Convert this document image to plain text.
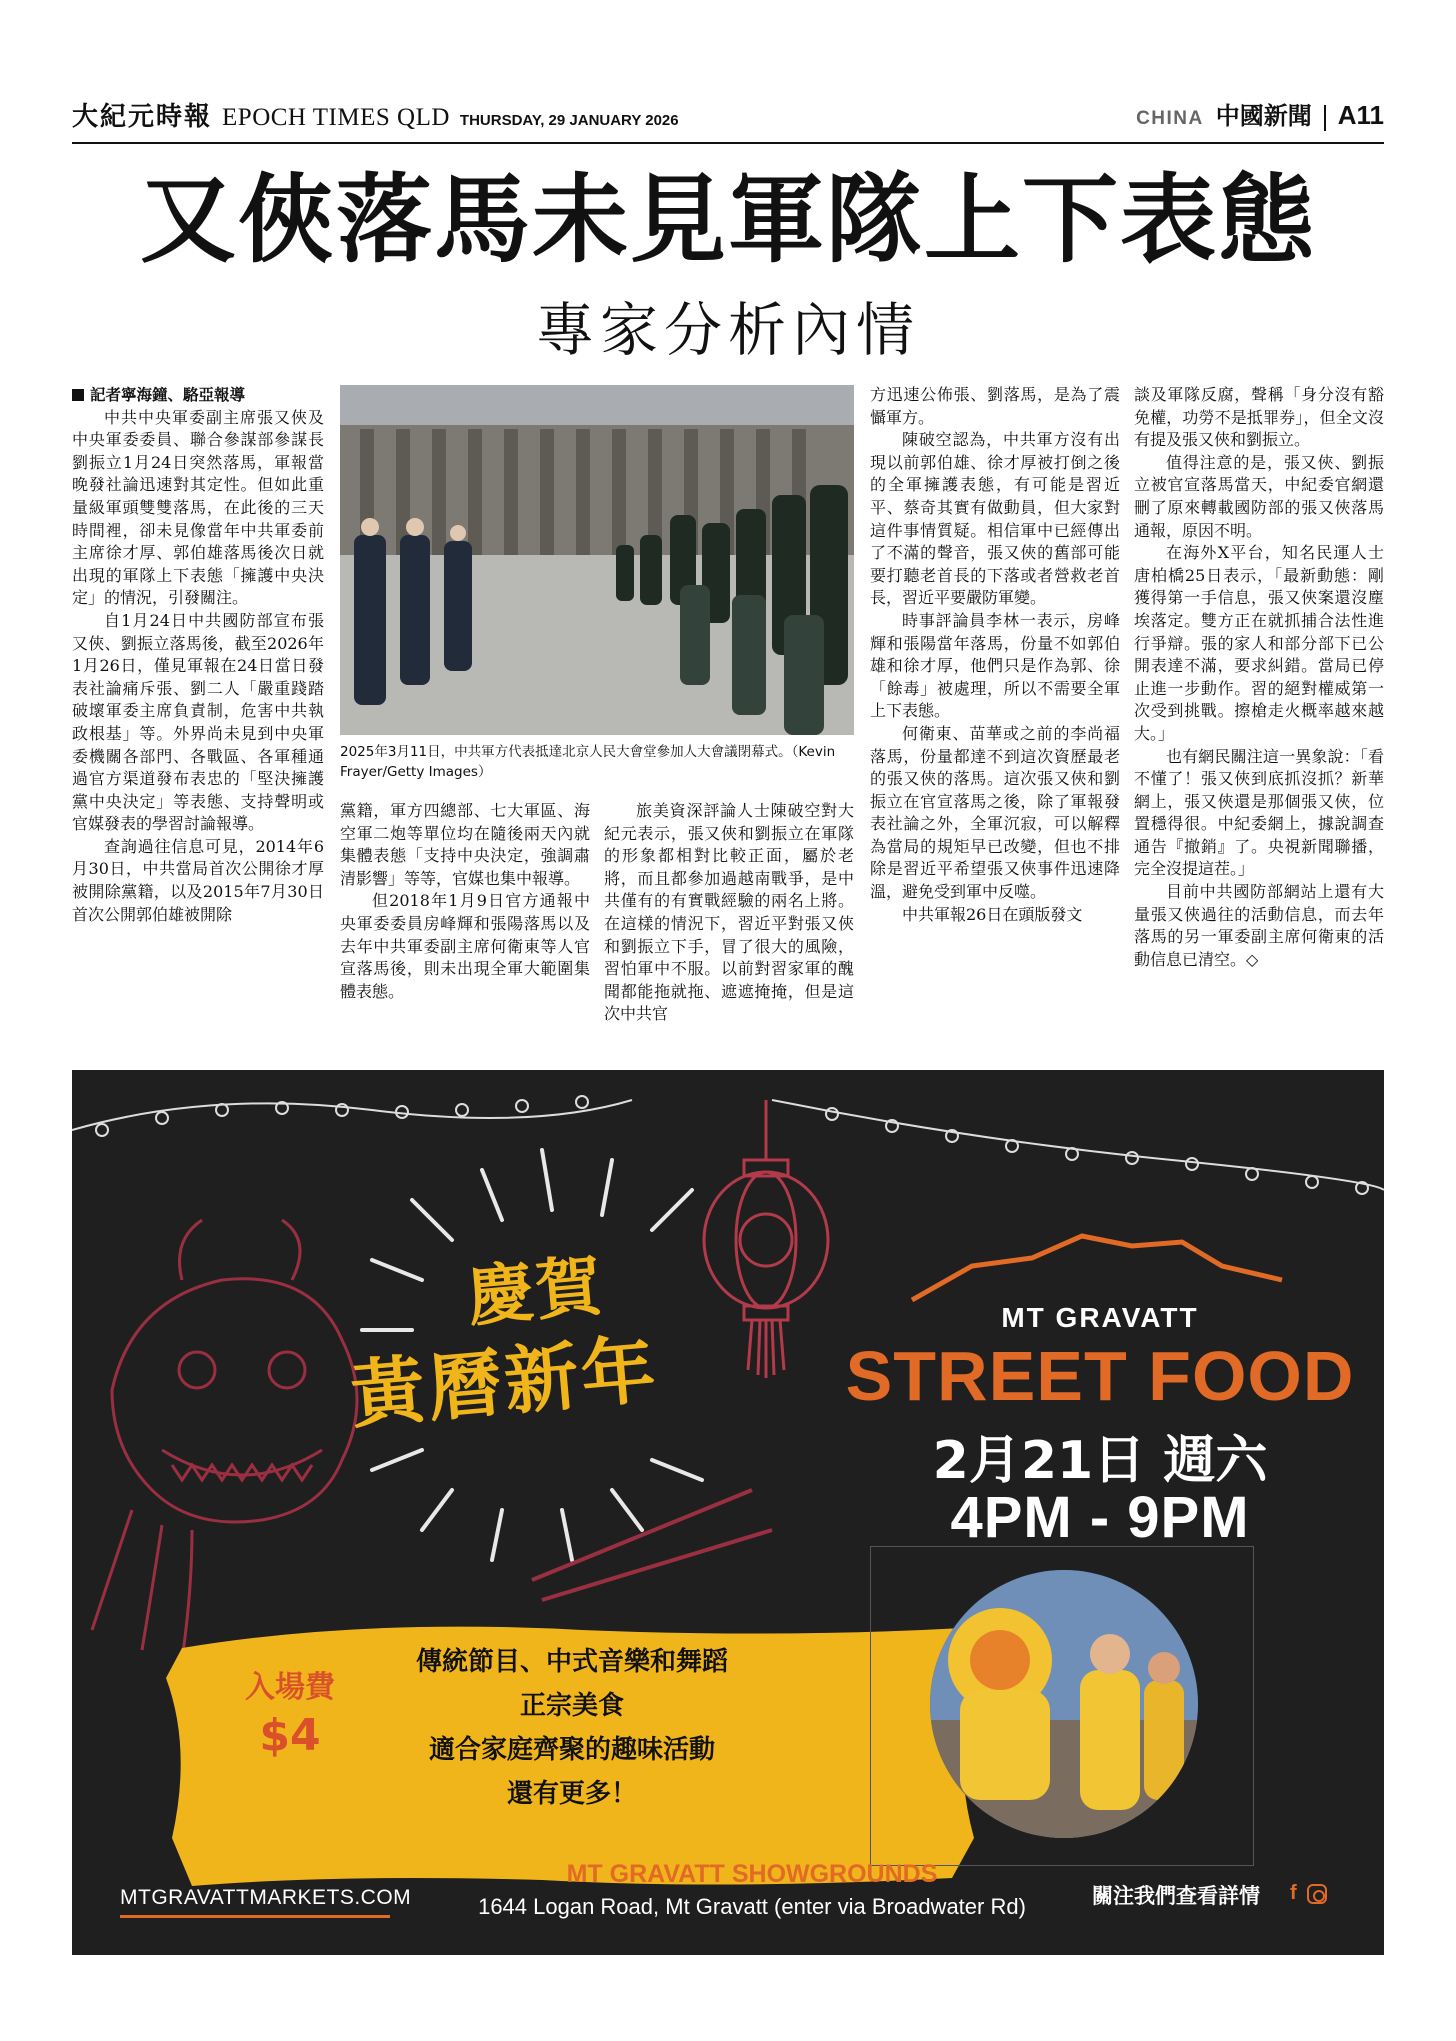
大紀元時報 EPOCH TIMES QLD THURSDAY, 29 JANUARY 2026	CHINA 中國新聞 A11
又俠落馬未見軍隊上下表態
專家分析內情

記者寧海鐘、駱亞報導

中共中央軍委副主席張又俠及中央軍委委員、聯合參謀部參謀長劉振立1月24日突然落馬，軍報當晚發社論迅速對其定性。但如此重量級軍頭雙雙落馬，在此後的三天時間裡，卻未見像當年中共軍委前主席徐才厚、郭伯雄落馬後次日就出現的軍隊上下表態「擁護中央決定」的情況，引發關注。

自1月24日中共國防部宣布張又俠、劉振立落馬後，截至2026年1月26日，僅見軍報在24日當日發表社論痛斥張、劉二人「嚴重踐踏破壞軍委主席負責制，危害中共執政根基」等。外界尚未見到中央軍委機關各部門、各戰區、各軍種通過官方渠道發布表忠的「堅決擁護黨中央決定」等表態、支持聲明或官媒發表的學習討論報導。

查詢過往信息可見，2014年6月30日，中共當局首次公開徐才厚被開除黨籍，以及2015年7月30日首次公開郭伯雄被開除

2025年3月11日，中共軍方代表抵達北京人民大會堂參加人大會議閉幕式。（Kevin Frayer/Getty Images）

黨籍，軍方四總部、七大軍區、海空軍二炮等單位均在隨後兩天內就集體表態「支持中央決定，強調肅清影響」等等，官媒也集中報導。

但2018年1月9日官方通報中央軍委委員房峰輝和張陽落馬以及去年中共軍委副主席何衛東等人官宣落馬後，則未出現全軍大範圍集體表態。

旅美資深評論人士陳破空對大紀元表示，張又俠和劉振立在軍隊的形象都相對比較正面，屬於老將，而且都參加過越南戰爭，是中共僅有的有實戰經驗的兩名上將。在這樣的情況下，習近平對張又俠和劉振立下手，冒了很大的風險，習怕軍中不服。以前對習家軍的醜聞都能拖就拖、遮遮掩掩，但是這次中共官

方迅速公佈張、劉落馬，是為了震懾軍方。

陳破空認為，中共軍方沒有出現以前郭伯雄、徐才厚被打倒之後的全軍擁護表態，有可能是習近平、蔡奇其實有做動員，但大家對這件事情質疑。相信軍中已經傳出了不滿的聲音，張又俠的舊部可能要打聽老首長的下落或者營救老首長，習近平要嚴防軍變。

時事評論員李林一表示，房峰輝和張陽當年落馬，份量不如郭伯雄和徐才厚，他們只是作為郭、徐「餘毒」被處理，所以不需要全軍上下表態。

何衛東、苗華或之前的李尚福落馬，份量都達不到這次資歷最老的張又俠的落馬。這次張又俠和劉振立在官宣落馬之後，除了軍報發表社論之外，全軍沉寂，可以解釋為當局的規矩早已改變，但也不排除是習近平希望張又俠事件迅速降溫，避免受到軍中反噬。

中共軍報26日在頭版發文

談及軍隊反腐，聲稱「身分沒有豁免權，功勞不是抵罪券」，但全文沒有提及張又俠和劉振立。

值得注意的是，張又俠、劉振立被官宣落馬當天，中紀委官網還刪了原來轉載國防部的張又俠落馬通報，原因不明。

在海外X平台，知名民運人士唐柏橋25日表示，「最新動態：剛獲得第一手信息，張又俠案還沒塵埃落定。雙方正在就抓捕合法性進行爭辯。張的家人和部分部下已公開表達不滿，要求糾錯。當局已停止進一步動作。習的絕對權威第一次受到挑戰。擦槍走火概率越來越大。」

也有網民關注這一異象說：「看不懂了！張又俠到底抓沒抓？新華網上，張又俠還是那個張又俠，位置穩得很。中紀委網上，據說調查通告『撤銷』了。央視新聞聯播，完全沒提這茬。」

目前中共國防部網站上還有大量張又俠過往的活動信息，而去年落馬的另一軍委副主席何衛東的活動信息已清空。◇

慶賀
黃曆新年
MT GRAVATT
STREET FOOD
2月21日 週六
4PM - 9PM
入場費
$4
傳統節目、中式音樂和舞蹈
正宗美食
適合家庭齊聚的趣味活動
還有更多！
MT GRAVATT SHOWGROUNDS
1644 Logan Road, Mt Gravatt (enter via Broadwater Rd)
MTGRAVATTMARKETS.COM	關注我們查看詳情 f
